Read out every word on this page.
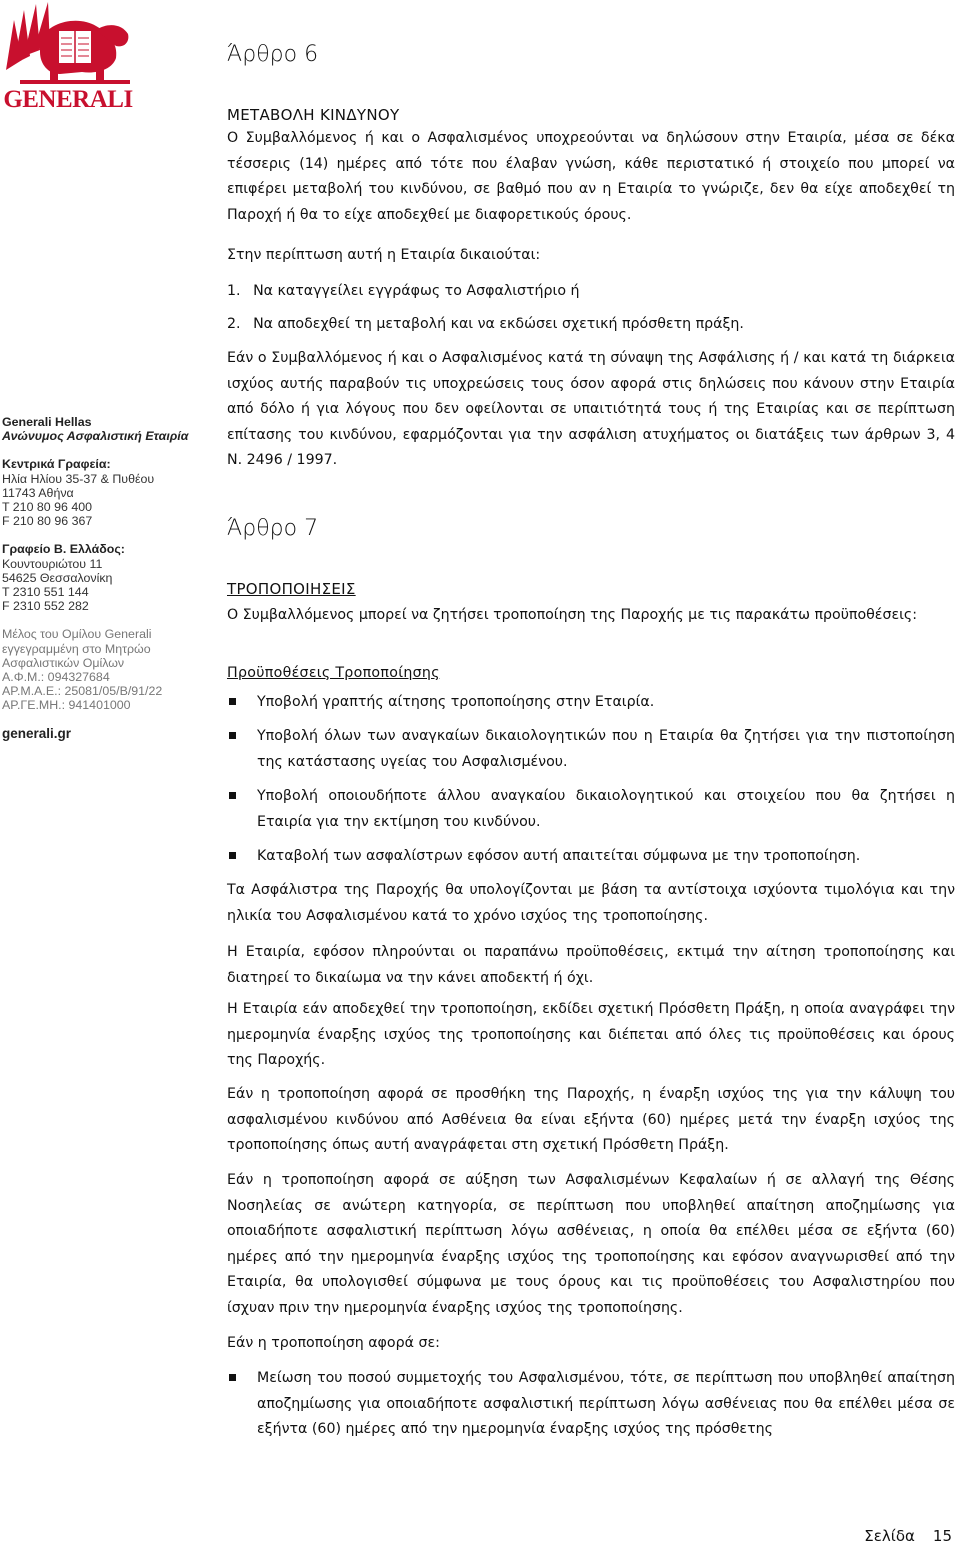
GENERALI
Generali Hellas
Ανώνυμος Ασφαλιστική Εταιρία
Κεντρικά Γραφεία:
Ηλία Ηλίου 35-37 & Πυθέου
11743 Αθήνα
T 210 80 96 400
F 210 80 96 367
Γραφείο Β. Ελλάδος:
Κουντουριώτου 11
54625 Θεσσαλονίκη
T 2310 551 144
F 2310 552 282
Μέλος του Ομίλου Generali
εγγεγραμμένη στο Μητρώο
Ασφαλιστικών Ομίλων
Α.Φ.Μ.: 094327684
ΑΡ.Μ.Α.Ε.: 25081/05/Β/91/22
ΑΡ.ΓΕ.ΜΗ.: 941401000
generali.gr
Άρθρο 6
ΜΕΤΑΒΟΛΗ ΚΙΝΔΥΝΟΥ

Ο Συμβαλλόμενος ή και ο Ασφαλισμένος υποχρεούνται να δηλώσουν στην Εταιρία, μέσα σε δέκα τέσσερις (14) ημέρες από τότε που έλαβαν γνώση, κάθε περιστατικό ή στοιχείο που μπορεί να επιφέρει μεταβολή του κινδύνου, σε βαθμό που αν η Εταιρία το γνώριζε, δεν θα είχε αποδεχθεί τη Παροχή ή θα το είχε αποδεχθεί με διαφορετικούς όρους.

Στην περίπτωση αυτή η Εταιρία δικαιούται:

1. Να καταγγείλει εγγράφως το Ασφαλιστήριο ή
2. Να αποδεχθεί τη μεταβολή και να εκδώσει σχετική πρόσθετη πράξη.

Εάν ο Συμβαλλόμενος ή και ο Ασφαλισμένος κατά τη σύναψη της Ασφάλισης ή / και κατά τη διάρκεια ισχύος αυτής παραβούν τις υποχρεώσεις τους όσον αφορά στις δηλώσεις που κάνουν στην Εταιρία από δόλο ή για λόγους που δεν οφείλονται σε υπαιτιότητά τους ή της Εταιρίας και σε περίπτωση επίτασης του κινδύνου, εφαρμόζονται για την ασφάλιση ατυχήματος οι διατάξεις των άρθρων 3, 4 Ν. 2496 / 1997.

Άρθρο 7
ΤΡΟΠΟΠΟΙΗΣΕΙΣ

Ο Συμβαλλόμενος μπορεί να ζητήσει τροποποίηση της Παροχής με τις παρακάτω προϋποθέσεις:

Προϋποθέσεις Τροποποίησης
Υποβολή γραπτής αίτησης τροποποίησης στην Εταιρία.
Υποβολή όλων των αναγκαίων δικαιολογητικών που η Εταιρία θα ζητήσει για την πιστοποίηση της κατάστασης υγείας του Ασφαλισμένου.
Υποβολή οποιουδήποτε άλλου αναγκαίου δικαιολογητικού και στοιχείου που θα ζητήσει η Εταιρία για την εκτίμηση του κινδύνου.
Καταβολή των ασφαλίστρων εφόσον αυτή απαιτείται σύμφωνα με την τροποποίηση.

Τα Ασφάλιστρα της Παροχής θα υπολογίζονται με βάση τα αντίστοιχα ισχύοντα τιμολόγια και την ηλικία του Ασφαλισμένου κατά το χρόνο ισχύος της τροποποίησης.

Η Εταιρία, εφόσον πληρούνται οι παραπάνω προϋποθέσεις, εκτιμά την αίτηση τροποποίησης και διατηρεί το δικαίωμα να την κάνει αποδεκτή ή όχι.

Η Εταιρία εάν αποδεχθεί την τροποποίηση, εκδίδει σχετική Πρόσθετη Πράξη, η οποία αναγράφει την ημερομηνία έναρξης ισχύος της τροποποίησης και διέπεται από όλες τις προϋποθέσεις και όρους της Παροχής.

Εάν η τροποποίηση αφορά σε προσθήκη της Παροχής, η έναρξη ισχύος της για την κάλυψη του ασφαλισμένου κινδύνου από Ασθένεια θα είναι εξήντα (60) ημέρες μετά την έναρξη ισχύος της τροποποίησης όπως αυτή αναγράφεται στη σχετική Πρόσθετη Πράξη.

Εάν η τροποποίηση αφορά σε αύξηση των Ασφαλισμένων Κεφαλαίων ή σε αλλαγή της Θέσης Νοσηλείας σε ανώτερη κατηγορία, σε περίπτωση που υποβληθεί απαίτηση αποζημίωσης για οποιαδήποτε ασφαλιστική περίπτωση λόγω ασθένειας, η οποία θα επέλθει μέσα σε εξήντα (60) ημέρες από την ημερομηνία έναρξης ισχύος της τροποποίησης και εφόσον αναγνωρισθεί από την Εταιρία, θα υπολογισθεί σύμφωνα με τους όρους και τις προϋποθέσεις του Ασφαλιστηρίου που ίσχυαν πριν την ημερομηνία έναρξης ισχύος της τροποποίησης.

Εάν η τροποποίηση αφορά σε:

Μείωση του ποσού συμμετοχής του Ασφαλισμένου, τότε, σε περίπτωση που υποβληθεί απαίτηση αποζημίωσης για οποιαδήποτε ασφαλιστική περίπτωση λόγω ασθένειας που θα επέλθει μέσα σε εξήντα (60) ημέρες από την ημερομηνία έναρξης ισχύος της πρόσθετης
Σελίδα 15
